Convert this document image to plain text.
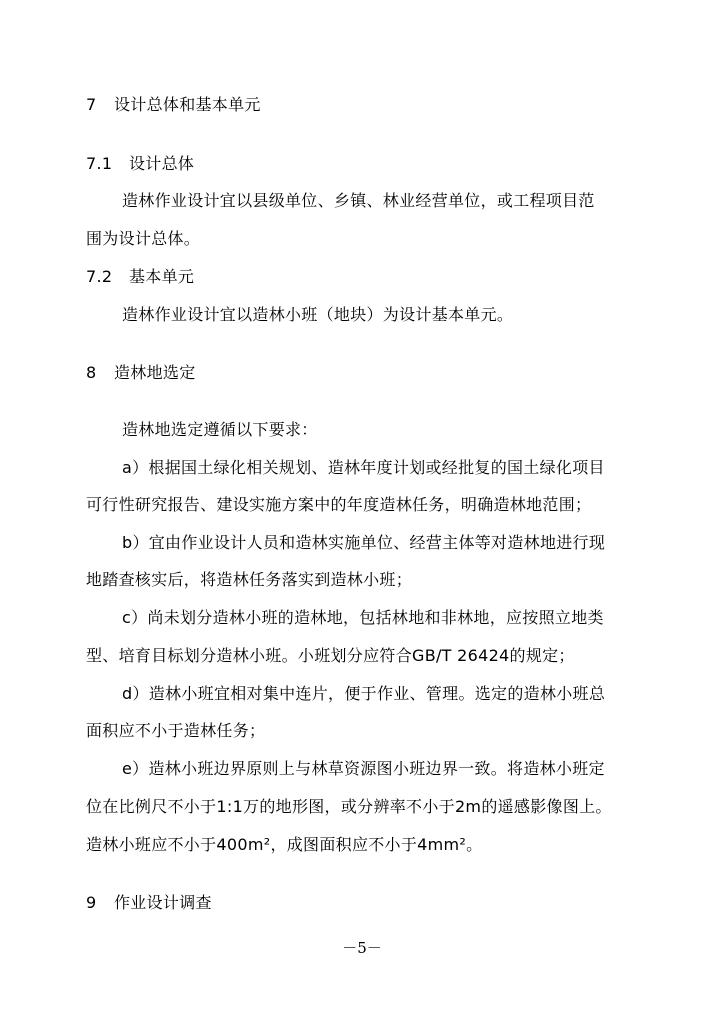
7 设计总体和基本单元
7.1 设计总体
造林作业设计宜以县级单位、乡镇、林业经营单位，或工程项目范
围为设计总体。
7.2 基本单元
造林作业设计宜以造林小班（地块）为设计基本单元。
8 造林地选定
造林地选定遵循以下要求：
a）根据国土绿化相关规划、造林年度计划或经批复的国土绿化项目
可行性研究报告、建设实施方案中的年度造林任务，明确造林地范围；
b）宜由作业设计人员和造林实施单位、经营主体等对造林地进行现
地踏查核实后，将造林任务落实到造林小班；
c）尚未划分造林小班的造林地，包括林地和非林地，应按照立地类
型、培育目标划分造林小班。小班划分应符合GB/T 26424的规定；
d）造林小班宜相对集中连片，便于作业、管理。选定的造林小班总
面积应不小于造林任务；
e）造林小班边界原则上与林草资源图小班边界一致。将造林小班定
位在比例尺不小于1:1万的地形图，或分辨率不小于2m的遥感影像图上。
造林小班应不小于400m²，成图面积应不小于4mm²。
9 作业设计调查
－5－
